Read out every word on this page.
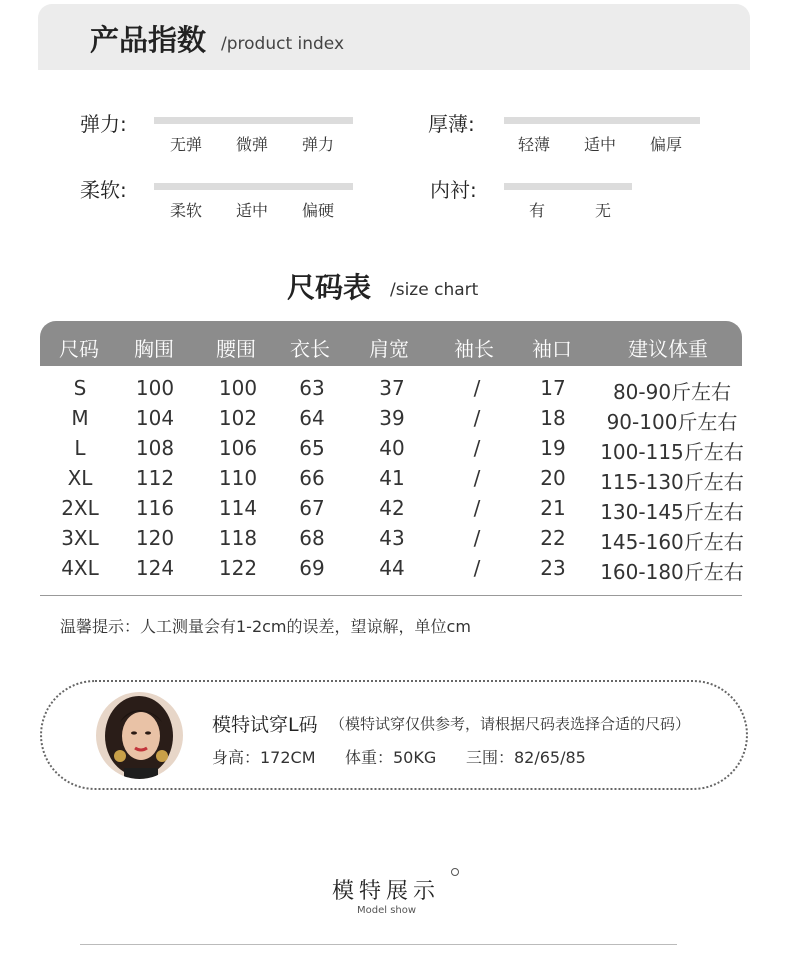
产品指数 /product index
弹力:
无弹 微弹 弹力
厚薄:
轻薄 适中 偏厚
柔软:
柔软 适中 偏硬
内衬:
有	无
尺码表 /size chart
尺码 胸围 腰围 衣长 肩宽 袖长 袖口	建议体重
S 100 100 63	37	/	17 80-90斤左右
M 104 102 64	39	/	18 90-100斤左右
L	108 106 65	40	/	19 100-115斤左右
XL 112 110 66	41	/	20 115-130斤左右
2XL 116 114 67	42	/	21 130-145斤左右
3XL 120 118 68	43	/	22 145-160斤左右
4XL 124 122 69	44	/	23 160-180斤左右
温馨提示：人工测量会有1-2cm的误差，望谅解，单位cm
模特试穿L码 （模特试穿仅供参考，请根据尺码表选择合适的尺码）
身高：172CM 体重：50KG 三围：82/65/85
模特展示
Model show
